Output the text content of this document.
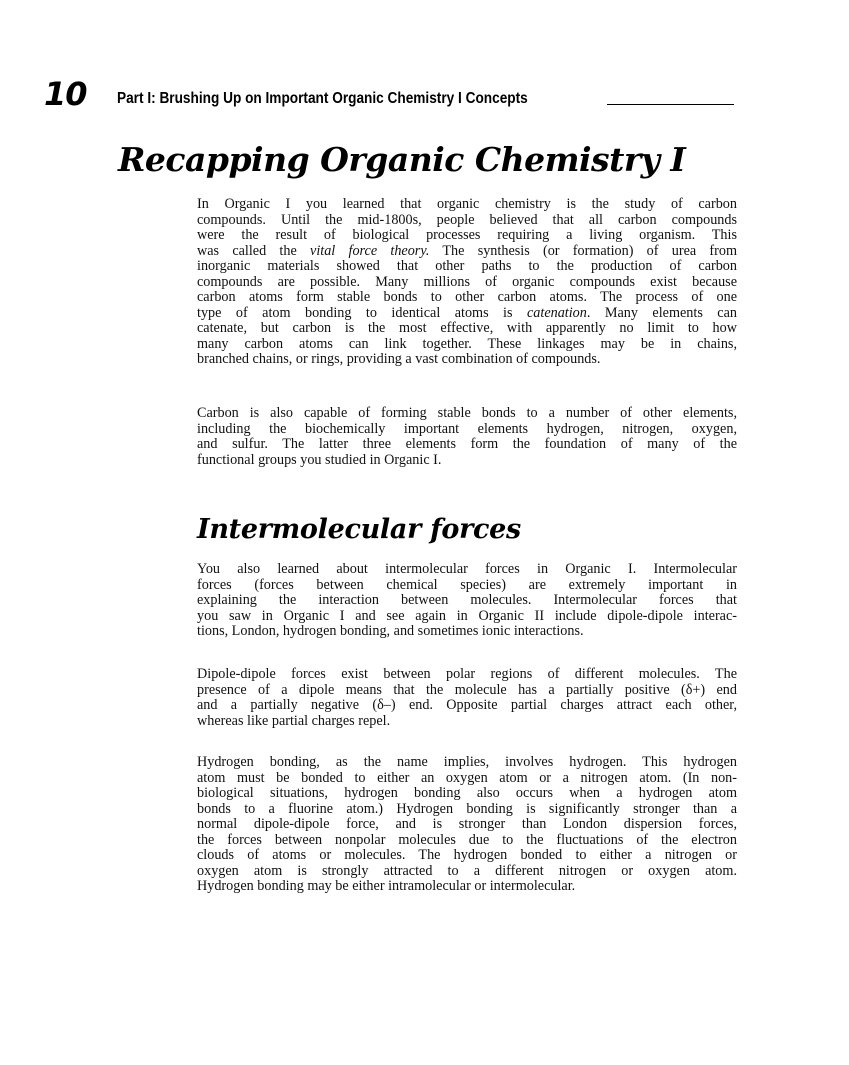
10 Part I: Brushing Up on Important Organic Chemistry I Concepts
Recapping Organic Chemistry I
In Organic I you learned that organic chemistry is the study of carbon
compounds. Until the mid-1800s, people believed that all carbon compounds
were the result of biological processes requiring a living organism. This
was called the vital force theory. The synthesis (or formation) of urea from
inorganic materials showed that other paths to the production of carbon
compounds are possible. Many millions of organic compounds exist because
carbon atoms form stable bonds to other carbon atoms. The process of one
type of atom bonding to identical atoms is catenation. Many elements can
catenate, but carbon is the most effective, with apparently no limit to how
many carbon atoms can link together. These linkages may be in chains,
branched chains, or rings, providing a vast combination of compounds.
Carbon is also capable of forming stable bonds to a number of other elements,
including the biochemically important elements hydrogen, nitrogen, oxygen,
and sulfur. The latter three elements form the foundation of many of the
functional groups you studied in Organic I.
Intermolecular forces
You also learned about intermolecular forces in Organic I. Intermolecular
forces (forces between chemical species) are extremely important in
explaining the interaction between molecules. Intermolecular forces that
you saw in Organic I and see again in Organic II include dipole-dipole interac-
tions, London, hydrogen bonding, and sometimes ionic interactions.
Dipole-dipole forces exist between polar regions of different molecules. The
presence of a dipole means that the molecule has a partially positive (δ+) end
and a partially negative (δ–) end. Opposite partial charges attract each other,
whereas like partial charges repel.
Hydrogen bonding, as the name implies, involves hydrogen. This hydrogen
atom must be bonded to either an oxygen atom or a nitrogen atom. (In non-
biological situations, hydrogen bonding also occurs when a hydrogen atom
bonds to a fluorine atom.) Hydrogen bonding is significantly stronger than a
normal dipole-dipole force, and is stronger than London dispersion forces,
the forces between nonpolar molecules due to the fluctuations of the electron
clouds of atoms or molecules. The hydrogen bonded to either a nitrogen or
oxygen atom is strongly attracted to a different nitrogen or oxygen atom.
Hydrogen bonding may be either intramolecular or intermolecular.
